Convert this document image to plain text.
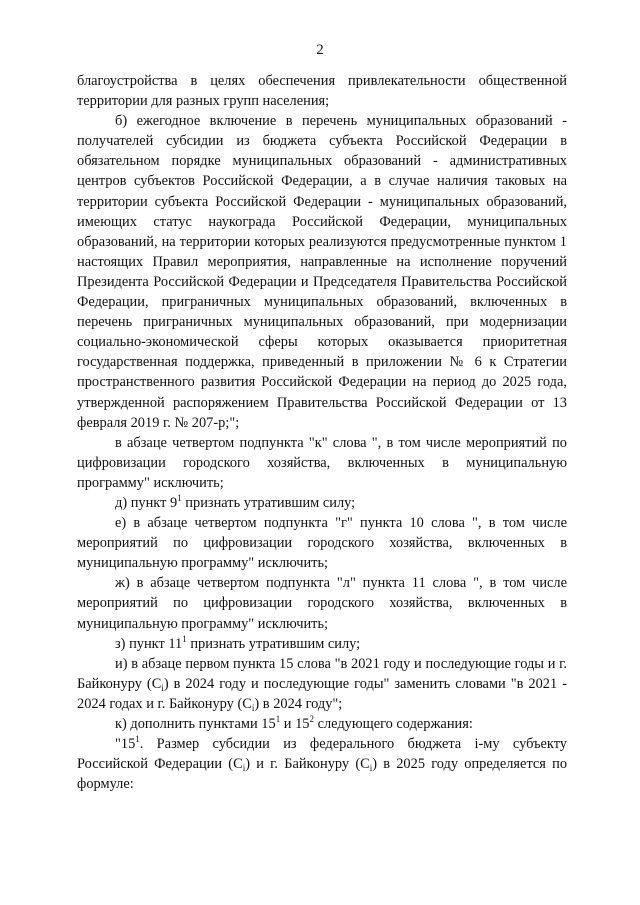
2

благоустройства в целях обеспечения привлекательности общественной территории для разных групп населения;

б) ежегодное включение в перечень муниципальных образований - получателей субсидии из бюджета субъекта Российской Федерации в обязательном порядке муниципальных образований - административных центров субъектов Российской Федерации, а в случае наличия таковых на территории субъекта Российской Федерации - муниципальных образований, имеющих статус наукограда Российской Федерации, муниципальных образований, на территории которых реализуются предусмотренные пунктом 1 настоящих Правил мероприятия, направленные на исполнение поручений Президента Российской Федерации и Председателя Правительства Российской Федерации, приграничных муниципальных образований, включенных в перечень приграничных муниципальных образований, при модернизации социально-экономической сферы которых оказывается приоритетная государственная поддержка, приведенный в приложении № 6 к Стратегии пространственного развития Российской Федерации на период до 2025 года, утвержденной распоряжением Правительства Российской Федерации от 13 февраля 2019 г. № 207-р;";

в абзаце четвертом подпункта "к" слова ", в том числе мероприятий по цифровизации городского хозяйства, включенных в муниципальную программу" исключить;

д) пункт $9^1$ признать утратившим силу;

е) в абзаце четвертом подпункта "г" пункта 10 слова ", в том числе мероприятий по цифровизации городского хозяйства, включенных в муниципальную программу" исключить;

ж) в абзаце четвертом подпункта "л" пункта 11 слова ", в том числе мероприятий по цифровизации городского хозяйства, включенных в муниципальную программу" исключить;

з) пункт $11^1$ признать утратившим силу;

и) в абзаце первом пункта 15 слова "в 2021 году и последующие годы и г. Байконуру $(C_i)$ в 2024 году и последующие годы" заменить словами "в 2021 - 2024 годах и г. Байконуру $(C_i)$ в 2024 году";

к) дополнить пунктами $15^1$ и $15^2$ следующего содержания:

"$15^1$. Размер субсидии из федерального бюджета i-му субъекту Российской Федерации $(C_i)$ и г. Байконуру $(C_i)$ в 2025 году определяется по формуле:
